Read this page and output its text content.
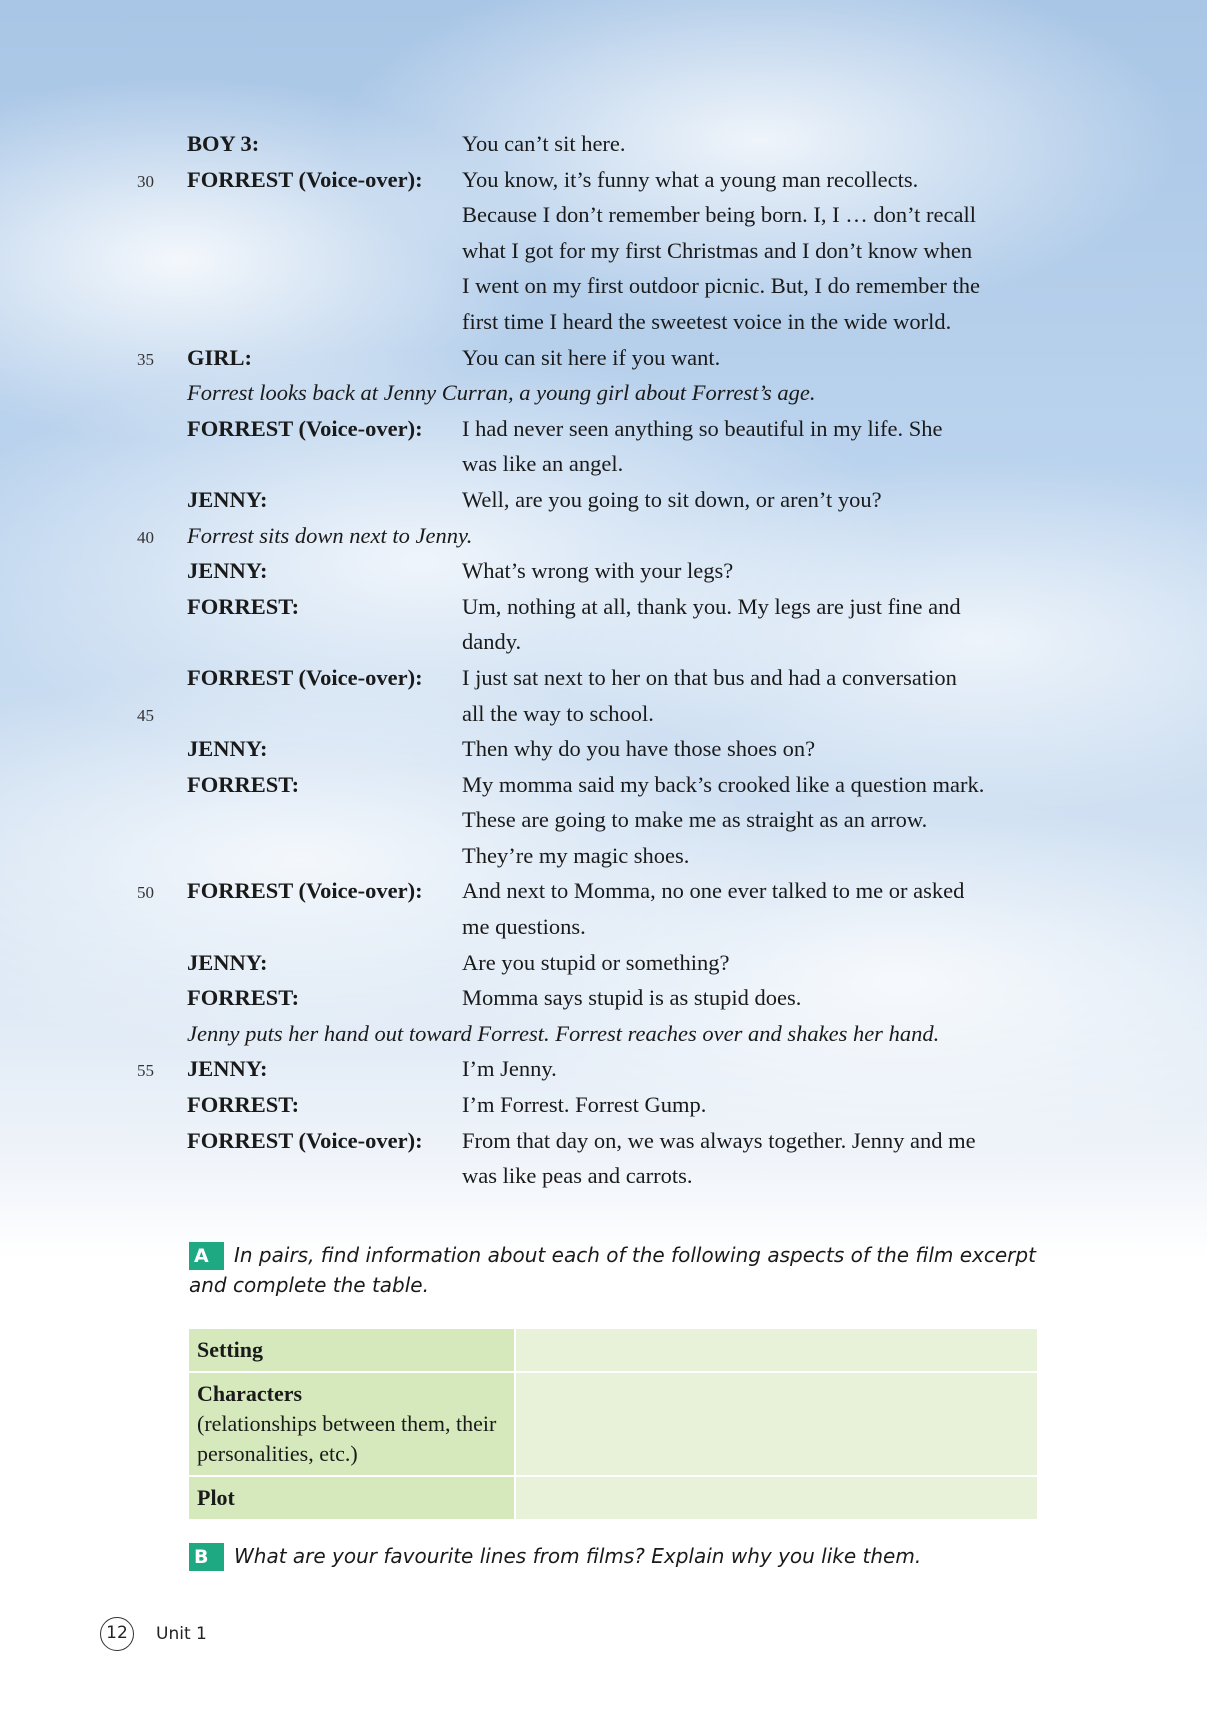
BOY 3:	You can’t sit here.
30 FORREST (Voice-over): You know, it’s funny what a young man recollects.
Because I don’t remember being born. I, I … don’t recall
what I got for my first Christmas and I don’t know when
I went on my first outdoor picnic. But, I do remember the
first time I heard the sweetest voice in the wide world.
35 GIRL:	You can sit here if you want.
Forrest looks back at Jenny Curran, a young girl about Forrest’s age.
FORREST (Voice-over): I had never seen anything so beautiful in my life. She
was like an angel.
JENNY:	Well, are you going to sit down, or aren’t you?
40 Forrest sits down next to Jenny.
JENNY:	What’s wrong with your legs?
FORREST:	Um, nothing at all, thank you. My legs are just fine and
dandy.
FORREST (Voice-over): I just sat next to her on that bus and had a conversation
45	all the way to school.
JENNY:	Then why do you have those shoes on?
FORREST:	My momma said my back’s crooked like a question mark.
These are going to make me as straight as an arrow.
They’re my magic shoes.
50 FORREST (Voice-over): And next to Momma, no one ever talked to me or asked
me questions.
JENNY:	Are you stupid or something?
FORREST:	Momma says stupid is as stupid does.
Jenny puts her hand out toward Forrest. Forrest reaches over and shakes her hand.
55 JENNY:	I’m Jenny.
FORREST:	I’m Forrest. Forrest Gump.
FORREST (Voice-over): From that day on, we was always together. Jenny and me
was like peas and carrots.
A In pairs, find information about each of the following aspects of the film excerpt and complete the table.
Setting	
Characters
(relationships between them, their personalities, etc.)	
Plot	
B What are your favourite lines from films? Explain why you like them.
12	Unit 1
